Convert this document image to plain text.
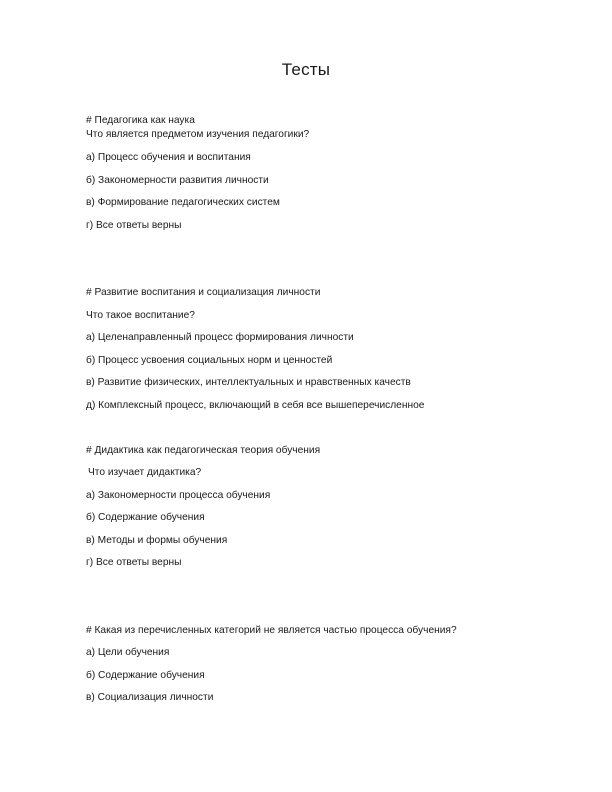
Тесты
# Педагогика как наука
Что является предметом изучения педагогики?
а) Процесс обучения и воспитания
б) Закономерности развития личности
в) Формирование педагогических систем
г) Все ответы верны
# Развитие воспитания и социализация личности
Что такое воспитание?
а) Целенаправленный процесс формирования личности
б) Процесс усвоения социальных норм и ценностей
в) Развитие физических, интеллектуальных и нравственных качеств
д) Комплексный процесс, включающий в себя все вышеперечисленное
# Дидактика как педагогическая теория обучения
Что изучает дидактика?
а) Закономерности процесса обучения
б) Содержание обучения
в) Методы и формы обучения
г) Все ответы верны
# Какая из перечисленных категорий не является частью процесса обучения?
а) Цели обучения
б) Содержание обучения
в) Социализация личности
